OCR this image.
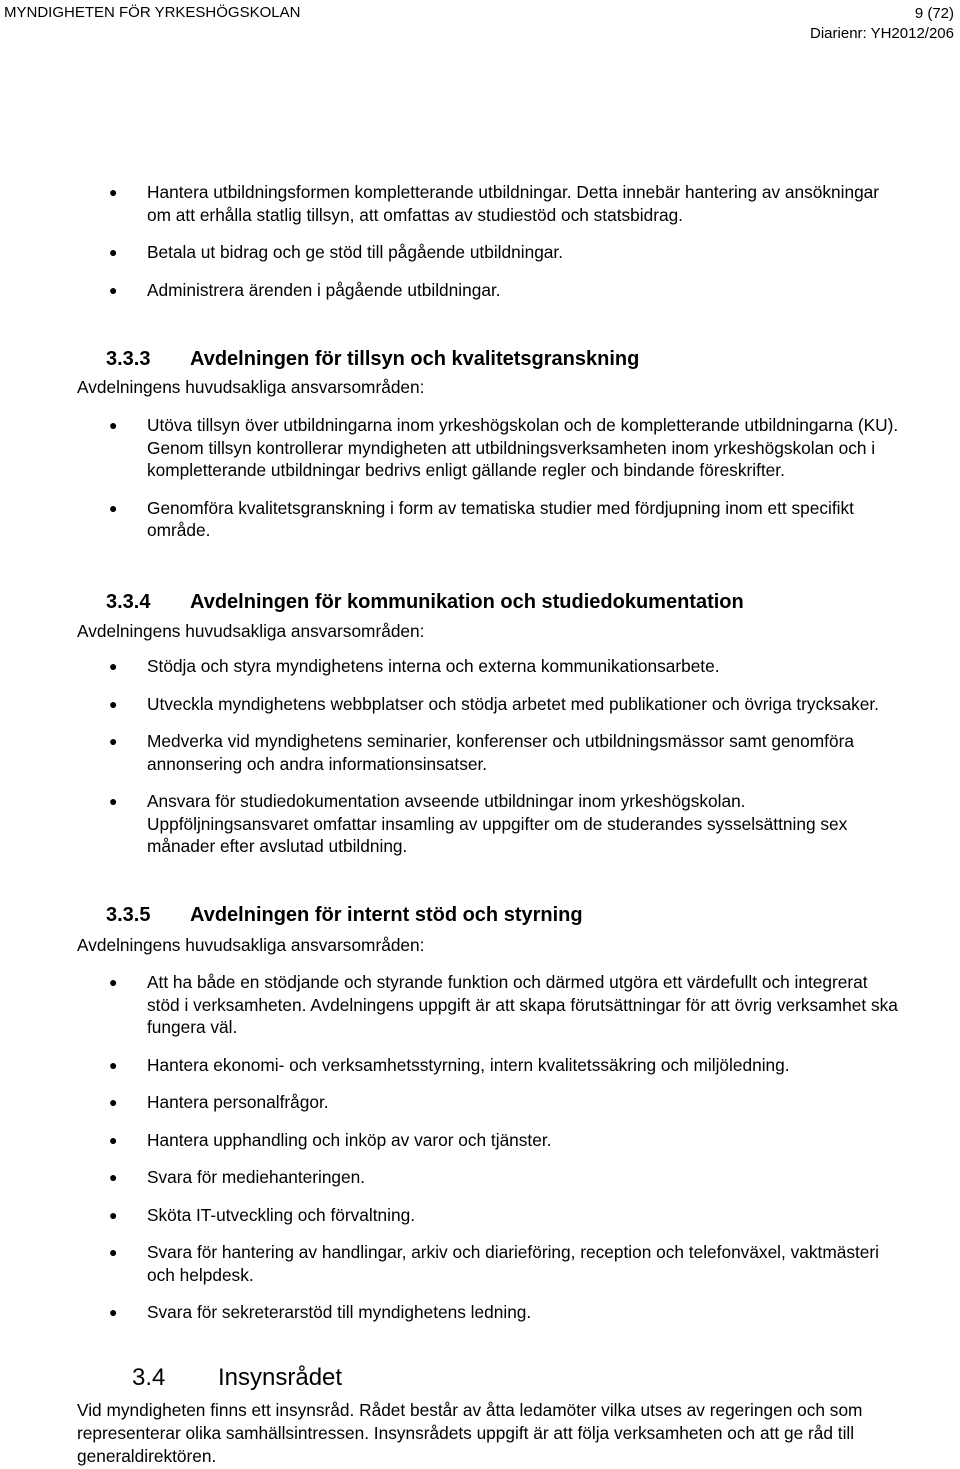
MYNDIGHETEN FÖR YRKESHÖGSKOLAN	9 (72)
Diarienr: YH2012/206
● Hantera utbildningsformen kompletterande utbildningar. Detta innebär hantering av ansökningar om att erhålla statlig tillsyn, att omfattas av studiestöd och statsbidrag.
● Betala ut bidrag och ge stöd till pågående utbildningar.
● Administrera ärenden i pågående utbildningar.
3.3.3 Avdelningen för tillsyn och kvalitetsgranskning
Avdelningens huvudsakliga ansvarsområden:
● Utöva tillsyn över utbildningarna inom yrkeshögskolan och de kompletterande utbildningarna (KU). Genom tillsyn kontrollerar myndigheten att utbildningsverksamheten inom yrkeshögskolan och i kompletterande utbildningar bedrivs enligt gällande regler och bindande föreskrifter.
● Genomföra kvalitetsgranskning i form av tematiska studier med fördjupning inom ett specifikt område.
3.3.4 Avdelningen för kommunikation och studiedokumentation
Avdelningens huvudsakliga ansvarsområden:
● Stödja och styra myndighetens interna och externa kommunikationsarbete.
● Utveckla myndighetens webbplatser och stödja arbetet med publikationer och övriga trycksaker.
● Medverka vid myndighetens seminarier, konferenser och utbildningsmässor samt genomföra annonsering och andra informationsinsatser.
● Ansvara för studiedokumentation avseende utbildningar inom yrkeshögskolan. Uppföljningsansvaret omfattar insamling av uppgifter om de studerandes sysselsättning sex månader efter avslutad utbildning.
3.3.5 Avdelningen för internt stöd och styrning
Avdelningens huvudsakliga ansvarsområden:
● Att ha både en stödjande och styrande funktion och därmed utgöra ett värdefullt och integrerat stöd i verksamheten. Avdelningens uppgift är att skapa förutsättningar för att övrig verksamhet ska fungera väl.
● Hantera ekonomi- och verksamhetsstyrning, intern kvalitetssäkring och miljöledning.
● Hantera personalfrågor.
● Hantera upphandling och inköp av varor och tjänster.
● Svara för mediehanteringen.
● Sköta IT-utveckling och förvaltning.
● Svara för hantering av handlingar, arkiv och diarieföring, reception och telefonväxel, vaktmästeri och helpdesk.
● Svara för sekreterarstöd till myndighetens ledning.
3.4 Insynsrådet
Vid myndigheten finns ett insynsråd. Rådet består av åtta ledamöter vilka utses av regeringen och som representerar olika samhällsintressen. Insynsrådets uppgift är att följa verksamheten och att ge råd till generaldirektören.
